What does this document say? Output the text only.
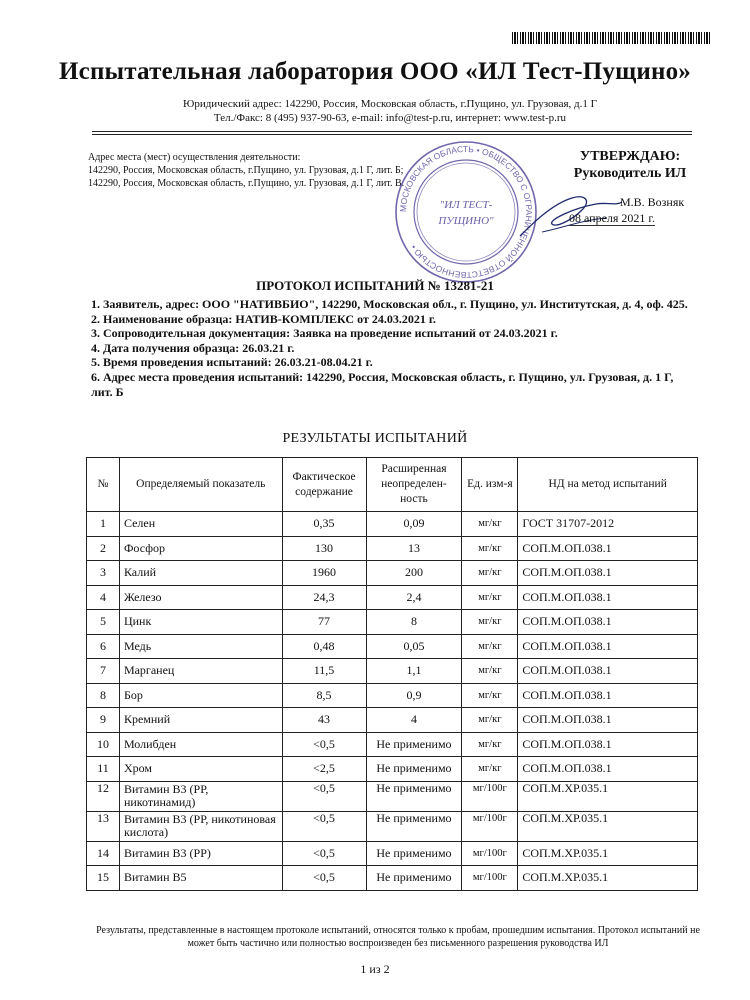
Испытательная лаборатория ООО «ИЛ Тест-Пущино»
Юридический адрес: 142290, Россия, Московская область, г.Пущино, ул. Грузовая, д.1 Г
Тел./Факс: 8 (495) 937-90-63, e-mail: info@test-p.ru, интернет: www.test-p.ru
Адрес места (мест) осуществления деятельности:
142290, Россия, Московская область, г.Пущино, ул. Грузовая, д.1 Г, лит. Б;
142290, Россия, Московская область, г.Пущино, ул. Грузовая, д.1 Г, лит. В.
МОСКОВСКАЯ ОБЛАСТЬ • ОБЩЕСТВО С ОГРАНИЧЕННОЙ ОТВЕТСТВЕННОСТЬЮ •
"ИЛ ТЕСТ-
ПУЩИНО"
УТВЕРЖДАЮ:
Руководитель ИЛ
М.В. Возняк
08 апреля 2021 г.
ПРОТОКОЛ ИСПЫТАНИЙ № 13281-21
1. Заявитель, адрес: ООО "НАТИВБИО", 142290, Московская обл., г. Пущино, ул. Институтская, д. 4, оф. 425.
2. Наименование образца: НАТИВ-КОМПЛЕКС от 24.03.2021 г.
3. Сопроводительная документация: Заявка на проведение испытаний от 24.03.2021 г.
4. Дата получения образца: 26.03.21 г.
5. Время проведения испытаний: 26.03.21-08.04.21 г.
6. Адрес места проведения испытаний: 142290, Россия, Московская область, г. Пущино, ул. Грузовая, д. 1 Г, лит. Б
РЕЗУЛЬТАТЫ ИСПЫТАНИЙ
№	Определяемый показатель	Фактическое содержание	Расширенная неопределен-ность	Ед. изм-я	НД на метод испытаний
1	Селен	0,35	0,09	мг/кг	ГОСТ 31707-2012
2	Фосфор	130	13	мг/кг	СОП.М.ОП.038.1
3	Калий	1960	200	мг/кг	СОП.М.ОП.038.1
4	Железо	24,3	2,4	мг/кг	СОП.М.ОП.038.1
5	Цинк	77	8	мг/кг	СОП.М.ОП.038.1
6	Медь	0,48	0,05	мг/кг	СОП.М.ОП.038.1
7	Марганец	11,5	1,1	мг/кг	СОП.М.ОП.038.1
8	Бор	8,5	0,9	мг/кг	СОП.М.ОП.038.1
9	Кремний	43	4	мг/кг	СОП.М.ОП.038.1
10	Молибден	<0,5	Не применимо	мг/кг	СОП.М.ОП.038.1
11	Хром	<2,5	Не применимо	мг/кг	СОП.М.ОП.038.1
12	Витамин В3 (РР, никотинамид)	<0,5	Не применимо	мг/100г	СОП.М.ХР.035.1
13	Витамин В3 (РР, никотиновая кислота)	<0,5	Не применимо	мг/100г	СОП.М.ХР.035.1
14	Витамин В3 (РР)	<0,5	Не применимо	мг/100г	СОП.М.ХР.035.1
15	Витамин В5	<0,5	Не применимо	мг/100г	СОП.М.ХР.035.1
Результаты, представленные в настоящем протоколе испытаний, относятся только к пробам, прошедшим испытания. Протокол испытаний не может быть частично или полностью воспроизведен без письменного разрешения руководства ИЛ
1 из 2
